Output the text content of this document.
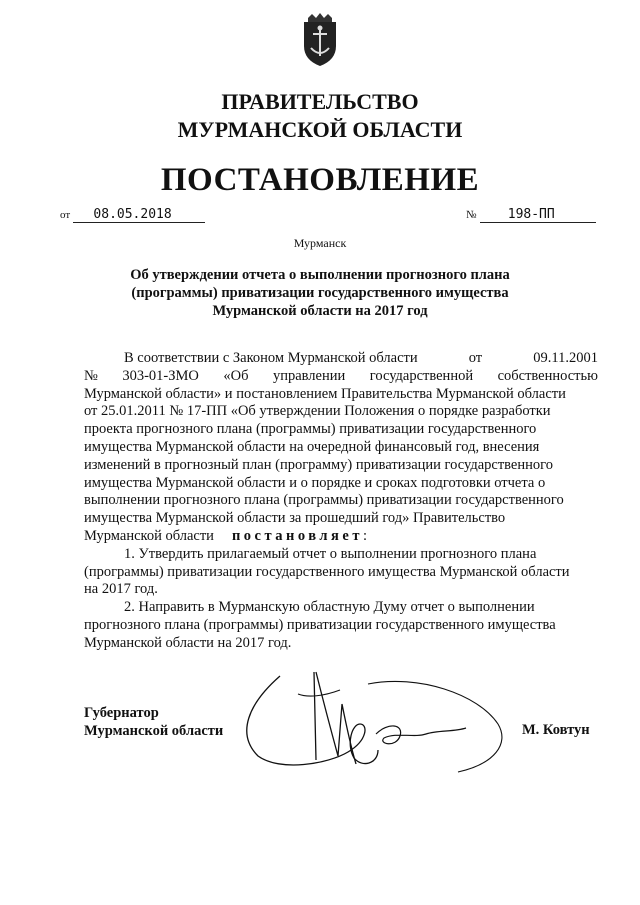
ПРАВИТЕЛЬСТВО
МУРМАНСКОЙ ОБЛАСТИ
ПОСТАНОВЛЕНИЕ
от 08.05.2018	№ 198-ПП
Мурманск
Об утверждении отчета о выполнении прогнозного плана
(программы) приватизации государственного имущества
Мурманской области на 2017 год
В соответствии с Законом Мурманской области	от	09.11.2001
№ 303-01-ЗМО «Об управлении государственной собственностью
Мурманской области» и постановлением Правительства Мурманской области
от 25.01.2011 № 17-ПП «Об утверждении Положения о порядке разработки
проекта прогнозного плана (программы) приватизации государственного
имущества Мурманской области на очередной финансовый год, внесения
изменений в прогнозный план (программу) приватизации государственного
имущества Мурманской области и о порядке и сроках подготовки отчета о
выполнении прогнозного плана (программы) приватизации государственного
имущества Мурманской области за прошедший год» Правительство
Мурманской области постановляет :
1. Утвердить прилагаемый отчет о выполнении прогнозного плана
(программы) приватизации государственного имущества Мурманской области
на 2017 год.
2. Направить в Мурманскую областную Думу отчет о выполнении
прогнозного плана (программы) приватизации государственного имущества
Мурманской области на 2017 год.
Губернатор
Мурманской области	М. Ковтун
